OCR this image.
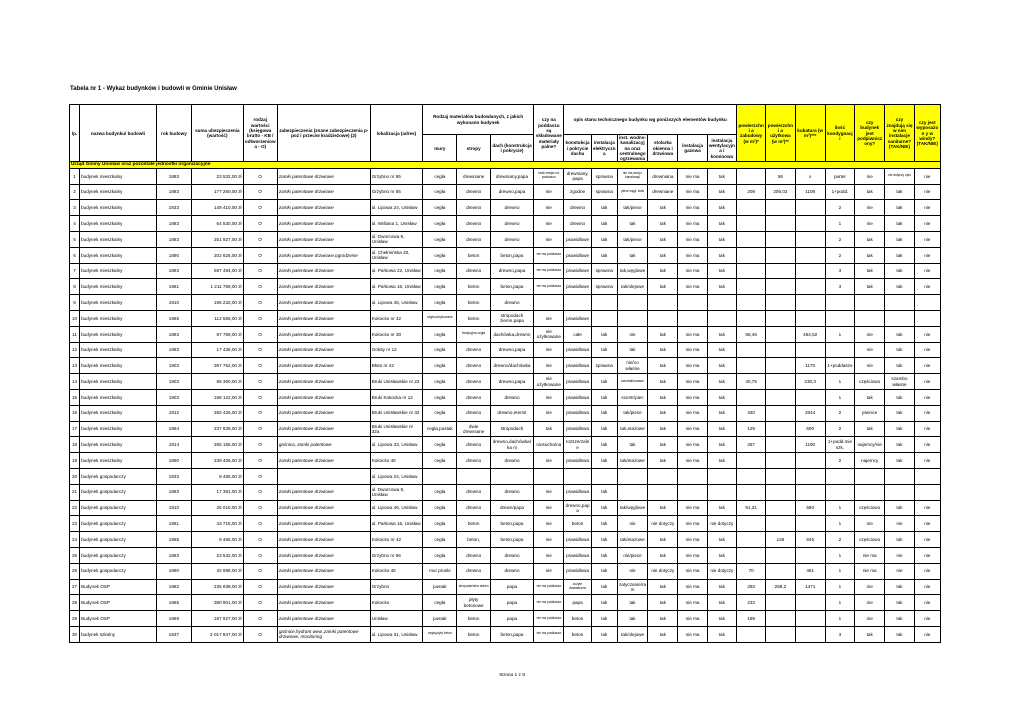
Tabela nr 1 - Wykaz budynków i budowli w Gminie Unisław
lp.	nazwa budynku/ budowli	rok budowy	suma ubezpieczenia (wartość)	rodzaj wartości (księgowa brutto - KB / odtworzeniow a - O)	zabezpieczenia (znane zabezpieczenia p-poż i przeciw kradzieżowe) (2)	lokalizacja (adres)	Rodzaj materiałów budowlanych, z jakich wykonano budynek			czy na poddaszu są składowane materiały palne?	opis stanu technicznego budynku wg poniższych elementów budynku						powierzchni a zabudowy (w m²)*	powierzchni a użytkowa (w m²)**	kubatura (w m³)***	ilość kondygnacj i	czy budynek jest podpiwnicz ony?	czy znajdują się w nim instalacje sanitarne? (TAK/NIE)	czy jest wyposażon y w windy? (TAK/NIE)
							mury	stropy	dach (konstrukcja i pokrycie)		konstukcja i pokrycie dachu	instalacja elektryczna	inst. wodno-kanalizacyj na oraz centralnego ogrzewania	stolarka okienna i drzwiowa	instalacja gazowa	instalacja wentylacyjn a i kominowa							
Urząd Gminy Unisław oraz pozostałe jednostki organizacyjne																							
1	budynek mieszkalny	1883	23 532,00 zł	O	zamki patentowe drzwiowe	Grzybno nr 65	cegła	drewniane	drewniany,papa	brak miejsc na poddaszu	drewniany,papa	sprawna	nie ma wody i kanalizacji	drewniana	nie ma	tak		56	x	parter	nie	nie dotyczy opis	nie
2	budynek mieszkalny	1883	177 260,00 zł	O	zamki patentowe drzwiowe	Grzybno nr 56	cegła	drewno	drewno,papa	nie	zgodne	sprawna	piece węgl. brak	drewniane	nie ma	tak	209	206,02	1108	1+podd.	tak	tak	nie
3	budynek mieszkalny	1933	149 410,00 zł	O	zamki patentowe drzwiowe	ul. Lipowa 24, Unisław	cegła	drewno	drewno	nie	drewno	tak	tak/piece	tak	nie ma	tak				2	nie	tak	nie
4	budynek mieszkalny	1883	64 530,00 zł	O	zamki patentowe drzwiowe	ul. Wiślana 1, Unisław	cegła	drewno	drewno	nie	drewno	tak	tak	tak	nie ma	tak				1	nie	tak	nie
5	budynek mieszkalny	1883	251 927,00 zł	O	zamki patentowe drzwiowe	ul. Dworcowa 9, Unisław	cegła	drewno	drewno	nie	prawidłowe	tak	tak/piece	tak	nie ma	tak				2	tak	tak	nie
6	budynek mieszkalny	1890	202 625,00 zł	O	zamki patentowe drzwiowe,ogrodzenie	ul. Chełmińska 20, Unisław	cegła	beton	beton,papa	nie ma poddasza	prawidłowe	tak	tak	tak	nie ma	tak				2	tak	tak	nie
7	budynek mieszkalny	1883	597 494,00 zł	O	zamki patentowe drzwiowe	ul. Parkowa 22, Unisław	cegła	drewno	drewno,papa	nie ma poddasza	prawidłowe	sprawna	tak,węglowe	tak	nie ma	tak				3	tak	tak	nie
8	budynek mieszkalny	1981	1 211 759,00 zł	O	zamki patentowe drzwiowe	ul. Parkowa 16, Unisław	cegła	beton	beton,papa	nie ma poddasza	prawidłowe	sprawna	tak/olejowe	tak	nie ma	tak				3	tak	tak	nie
9	budynek mieszkalny	1910	195 232,00 zł	O	zamki patentowe drzwiowe	ul. Lipowa 46, Unisław	cegła	beton	drewno														
10	budynek mieszkalny	1965	112 566,00 zł	O	zamki patentowe drzwiowe	Kokocko nr 42	cegła,obrykowane	beton	stropodach ziemn.papa	nie	prawidłowe												
11	budynek mieszkalny	1883	87 759,00 zł	O	zamki patentowe drzwiowe	Kokocko nr 30	cegła	tradycyjna cegła	dachówka,drewno	nie użytkowane	całe	tak	nie	tak	nie ma	tak	88,46		464,52	1	nie	tak	nie
12	budynek mieszkalny	1883	17 436,00 zł	O	zamki patentowe drzwiowe	Gołoty nr 12	cegła	drewno	drewno,papa	nie	prawidłowa	tak	tak	tak	nie ma	tak					nie	tak	nie
13	budynek mieszkalny	1903	367 752,00 zł	O	zamki patentowe drzwiowe	Błoto nr 42	cegła	drewno	drewno/dachówka	nie	prawidłowa	sprawna	nie/co własne	tak	nie ma	tak			1170	1+poddasze	nie	tak	nie
14	budynek mieszkalny	1903	86 360,00 zł	O	zamki patentowe drzwiowe	Bruki Unisławskie nr 23	cegła	drewno	drewno,papa	nie użytkowane	prawidłowa	tak	scentralizowane	tak	nie ma	tak	40,75		230,3	1	częściowo	szambo własne	nie
15	budynek mieszkalny	1903	168 122,00 zł	O	zamki patentowe drzwiowe	Bruki Kokocka nr 12	cegła	drewno	drewno	nie	prawidłowa	tak	scentr/piec	tak	nie ma	tak				1	tak	tak	nie
16	budynek mieszkalny	1912	282 426,00 zł	O	zamki patentowe drzwiowe	Bruki Unisławskie nr 32	cegła	drewno	drewno,eternit	nie	prawidłowa	tak	tak/piece	tak	nie ma	tak	340		2044	2	piwnice	tak	nie
17	budynek mieszkalny	1964	237 639,00 zł	O	zamki patentowe drzwiowe	Bruki Unisławskie nr 32a	cegła,pustak	dwie drewniane	stropodach	tak	prawidłowa	tak	tak,etazowe	tak	nie ma	tak	129		600	2	tak	tak	nie
18	budynek mieszkalny	1914	265 155,00 zł	O	gaśnica, zamki patentowe	ul. Lipowa 33, Unisław	cegła	drewno	drewno,dachówkarka ni	niosucha/na	rozszerzalne	tak	tak	tak	nie ma	tak	267		1190	1+podd.mieszk.	najemcy/nie	tak	nie
19	budynek mieszkalny	1890	239 406,00 zł	O	zamki patentowe drzwiowe	Kokocko 48	cegła	drewno	drewno	nie	prawidłowa	tak	tak/etazowe	tak	nie ma	tak				2	najemcy	tak	nie
20	budynek gospodarczy	1933	9 465,00 zł	O		ul. Lipowa 24, Unisław																	
21	budynek gospodarczy	1883	17 391,00 zł	O	zamki patentowe drzwiowe	ul. Dworcowa 9, Unisław	cegła	drewno	drewno	nie	prawidłowa	tak											
22	budynek gospodarczy	1910	25 015,00 zł	O	zamki patentowe drzwiowe	ul. Lipowa 46, Unisław	cegła	drewno	drewn/papa	nie	drewno,papa	tak	tak/węglowe	tak	nie ma	tak	91,31		580	1	częściowo	tak	nie
23	budynek gospodarczy	1981	43 715,00 zł	O	zamki patentowe drzwiowe	ul. Parkowa 16, Unisław	cegła	beton	beton,papa	nie	beton	tak	nie	nie dotyczy	nie ma	nie dotyczy				1	nie	nie	nie
24	budynek gospodarczy	1965	9 465,00 zł	O	zamki patentowe drzwiowe	Kokocko nr 42	cegła	beton,	beton,papa	nie	prawidłowa	tak	tak/etazowe	tak	nie ma	tak		136	845	2	częściowo	tak	nie
25	budynek gospodarczy	1883	23 532,00 zł	O	zamki patentowe drzwiowe	Grzybno nr 56	cegła	drewno	drewno	nie	prawidłowa	tak	nie/piece	tak	nie ma	tak				1	nie ma	nie	nie
26	budynek gospodarczy	1890	32 698,00 zł	O	zamki patentowe drzwiowe	Kokocko 48	mur pruski	drewno	drewno	nie	prawidłowa	tak	nie	nie dotyczy	nie ma	nie dotyczy	70		481	1	nie ma	nie	nie
27	Budynek OSP	1982	235 838,00 zł	O	zamki patentowe drzwiowe	Grzybno	pustak	stropodach/na drewn	papa	nie ma poddasza	zużyte dostateczne	tak	zatyczanie/ram	tak	nie ma	tak	293	258,2	1471	1	nie	tak	nie
28	Budynek OSP	1965	380 901,00 zł	O	zamki patentowe drzwiowe	Kokocko	cegła	płyty betonowe	papa	nie ma poddasza	papa	tak	tak	tak	nie ma	tak	233			1	nie	tak	nie
29	Budynek OSP	1969	187 927,00 zł	O	zamki patentowe drzwiowe	Unisław	pustak	beton	papa	nie ma poddasza	beton	tak	tak	tak	nie ma	tak	189			1	nie	tak	nie
30	budynek szkolny	1937	2 017 847,00 zł	O	gaśnice,hydrant wew.,zamki patentowe drzwiowe, monitoring	ul. Lipowa 31, Unisław	cegła,płyty beton	beton	beton,papa	nie ma poddasza	beton	tak	tak/olejowe	tak	nie ma	tak				3	tak	tak	nie
Strona 1 z 8
